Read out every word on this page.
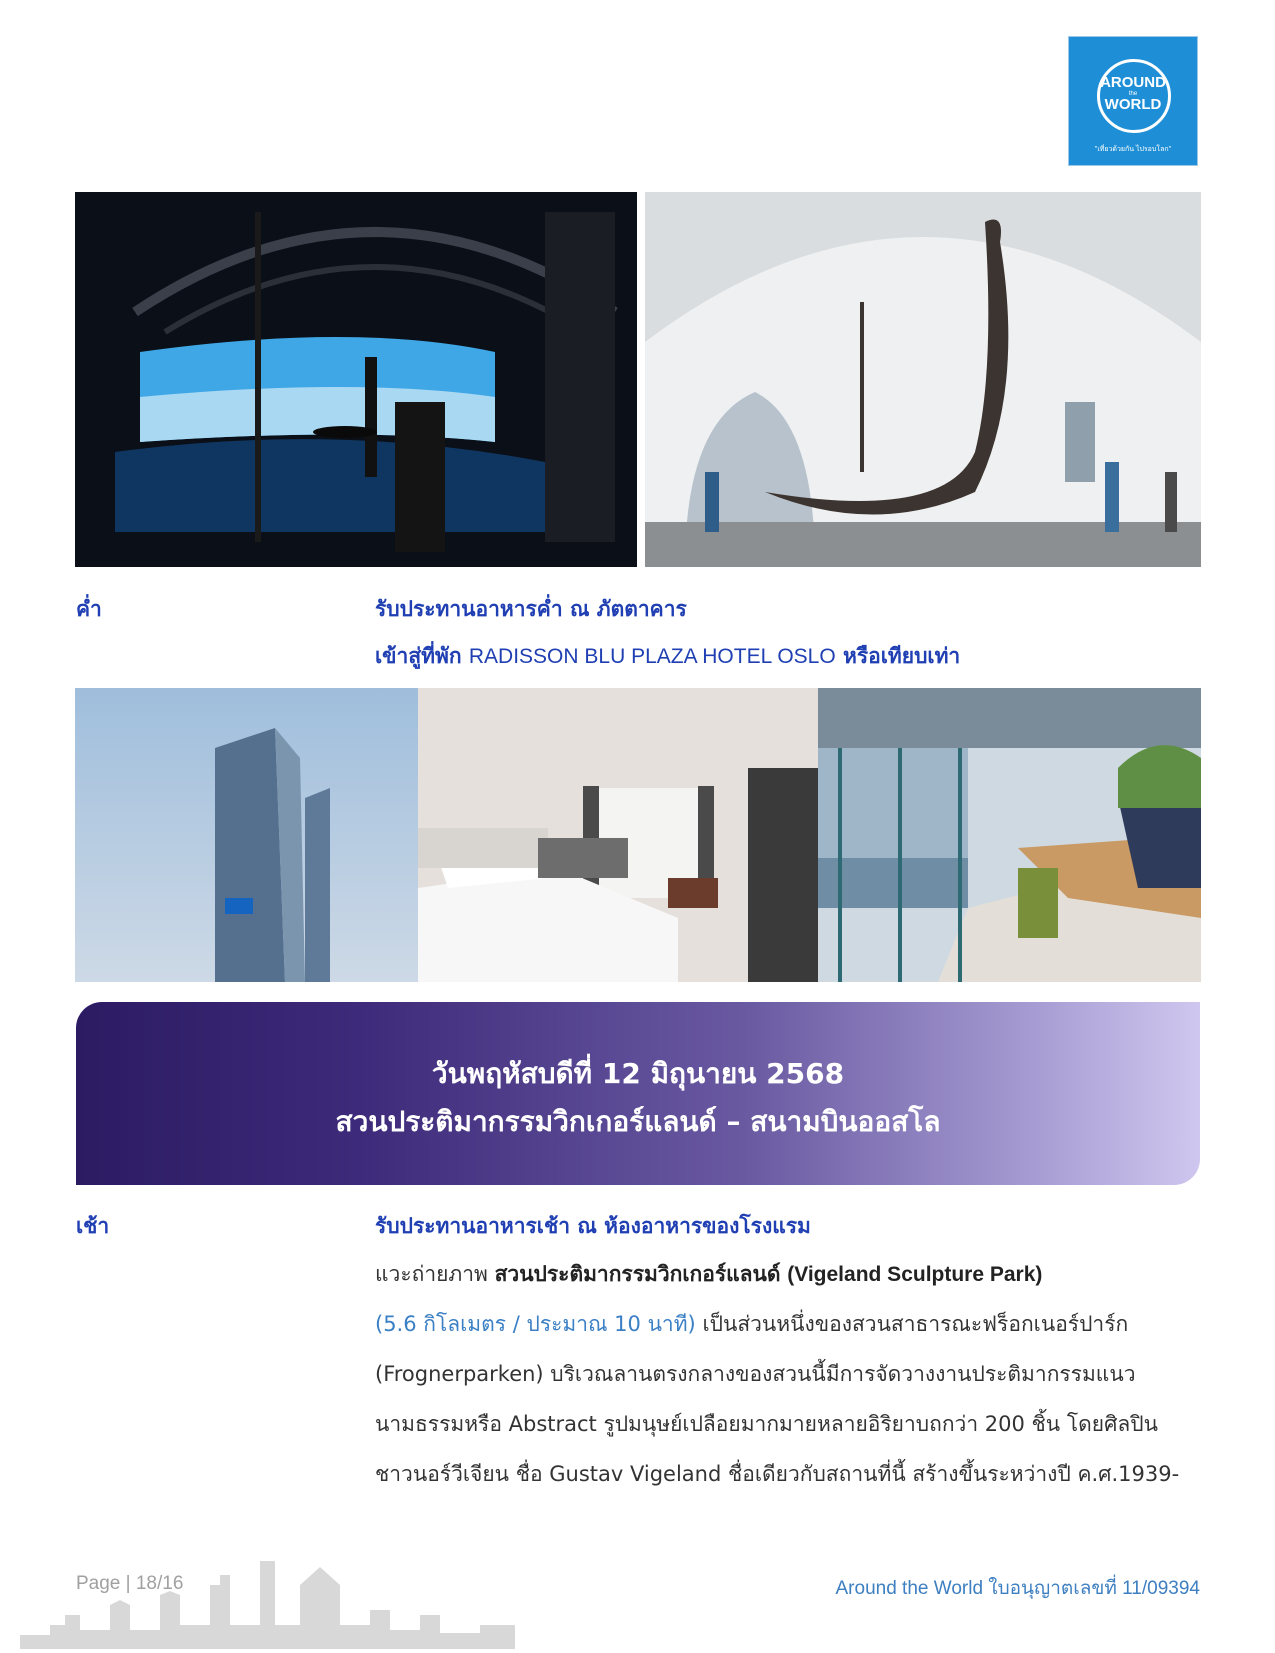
AROUND
the
WORLD
"เที่ยวด้วยกัน ไปรอบโลก"
ค่ำ	รับประทานอาหารค่ำ ณ ภัตตาคาร
เข้าสู่ที่พัก RADISSON BLU PLAZA HOTEL OSLO หรือเทียบเท่า
วันพฤหัสบดีที่ 12 มิถุนายน 2568
สวนประติมากรรมวิกเกอร์แลนด์ – สนามบินออสโล
เช้า	รับประทานอาหารเช้า ณ ห้องอาหารของโรงแรม
แวะถ่ายภาพ สวนประติมากรรมวิกเกอร์แลนด์ (Vigeland Sculpture Park)
(5.6 กิโลเมตร / ประมาณ 10 นาที) เป็นส่วนหนึ่งของสวนสาธารณะฟร็อกเนอร์ปาร์ก
(Frognerparken) บริเวณลานตรงกลางของสวนนี้มีการจัดวางงานประติมากรรมแนว
นามธรรมหรือ Abstract รูปมนุษย์เปลือยมากมายหลายอิริยาบถกว่า 200 ชิ้น โดยศิลปิน
ชาวนอร์วีเจียน ชื่อ Gustav Vigeland ชื่อเดียวกับสถานที่นี้ สร้างขึ้นระหว่างปี ค.ศ.1939-
Page | 18/16	Around the World ใบอนุญาตเลขที่ 11/09394
